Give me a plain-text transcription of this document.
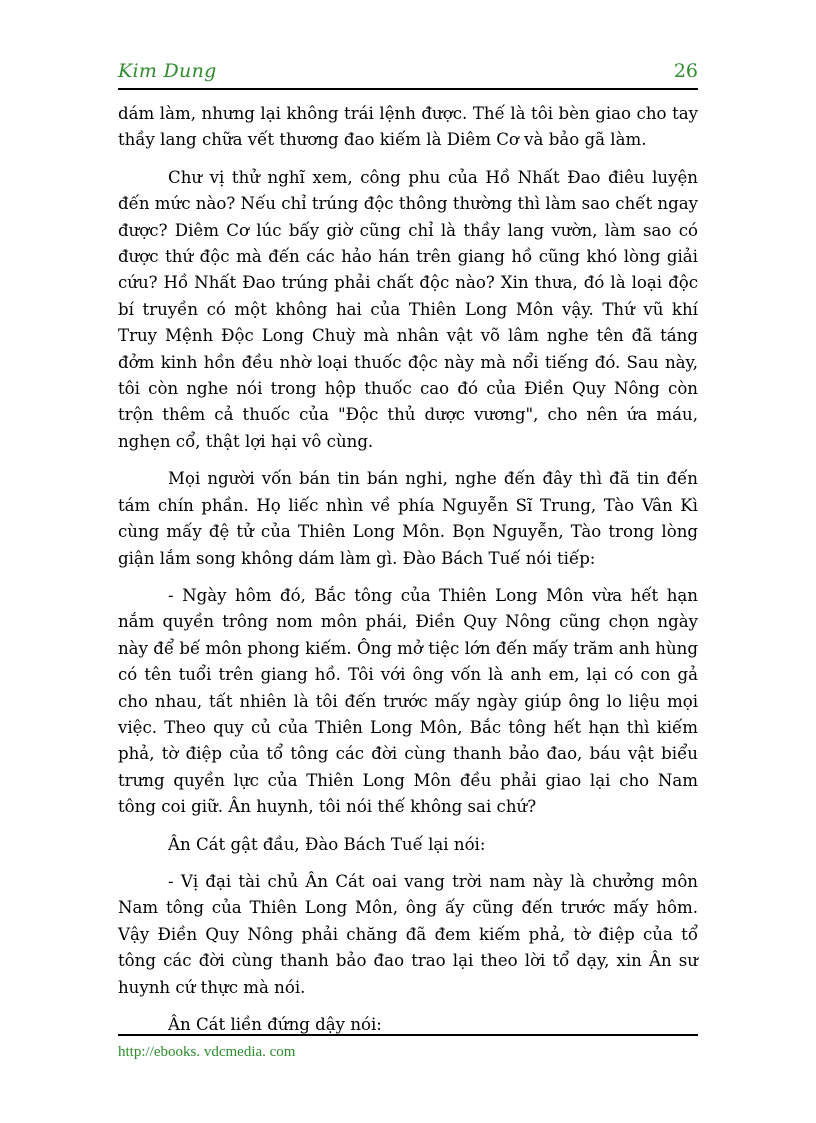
Kim Dung	26

dám làm, nhưng lại không trái lệnh được. Thế là tôi bèn giao cho tay thầy lang chữa vết thương đao kiếm là Diêm Cơ và bảo gã làm.

Chư vị thử nghĩ xem, công phu của Hồ Nhất Đao điêu luyện đến mức nào? Nếu chỉ trúng độc thông thường thì làm sao chết ngay được? Diêm Cơ lúc bấy giờ cũng chỉ là thầy lang vườn, làm sao có được thứ độc mà đến các hảo hán trên giang hồ cũng khó lòng giải cứu? Hồ Nhất Đao trúng phải chất độc nào? Xin thưa, đó là loại độc bí truyền có một không hai của Thiên Long Môn vậy. Thứ vũ khí Truy Mệnh Độc Long Chuỳ mà nhân vật võ lâm nghe tên đã táng đởm kinh hồn đều nhờ loại thuốc độc này mà nổi tiếng đó. Sau này, tôi còn nghe nói trong hộp thuốc cao đó của Điền Quy Nông còn trộn thêm cả thuốc của "Độc thủ dược vương", cho nên ứa máu, nghẹn cổ, thật lợi hại vô cùng.

Mọi người vốn bán tin bán nghi, nghe đến đây thì đã tin đến tám chín phần. Họ liếc nhìn về phía Nguyễn Sĩ Trung, Tào Vân Kì cùng mấy đệ tử của Thiên Long Môn. Bọn Nguyễn, Tào trong lòng giận lắm song không dám làm gì. Đào Bách Tuế nói tiếp:

- Ngày hôm đó, Bắc tông của Thiên Long Môn vừa hết hạn nắm quyền trông nom môn phái, Điền Quy Nông cũng chọn ngày này để bế môn phong kiếm. Ông mở tiệc lớn đến mấy trăm anh hùng có tên tuổi trên giang hồ. Tôi với ông vốn là anh em, lại có con gả cho nhau, tất nhiên là tôi đến trước mấy ngày giúp ông lo liệu mọi việc. Theo quy củ của Thiên Long Môn, Bắc tông hết hạn thì kiếm phả, tờ điệp của tổ tông các đời cùng thanh bảo đao, báu vật biểu trưng quyền lực của Thiên Long Môn đều phải giao lại cho Nam tông coi giữ. Ân huynh, tôi nói thế không sai chứ?

Ân Cát gật đầu, Đào Bách Tuế lại nói:

- Vị đại tài chủ Ân Cát oai vang trời nam này là chưởng môn Nam tông của Thiên Long Môn, ông ấy cũng đến trước mấy hôm. Vậy Điền Quy Nông phải chăng đã đem kiếm phả, tờ điệp của tổ tông các đời cùng thanh bảo đao trao lại theo lời tổ dạy, xin Ân sư huynh cứ thực mà nói.

Ân Cát liền đứng dậy nói:

http://ebooks. vdcmedia. com
